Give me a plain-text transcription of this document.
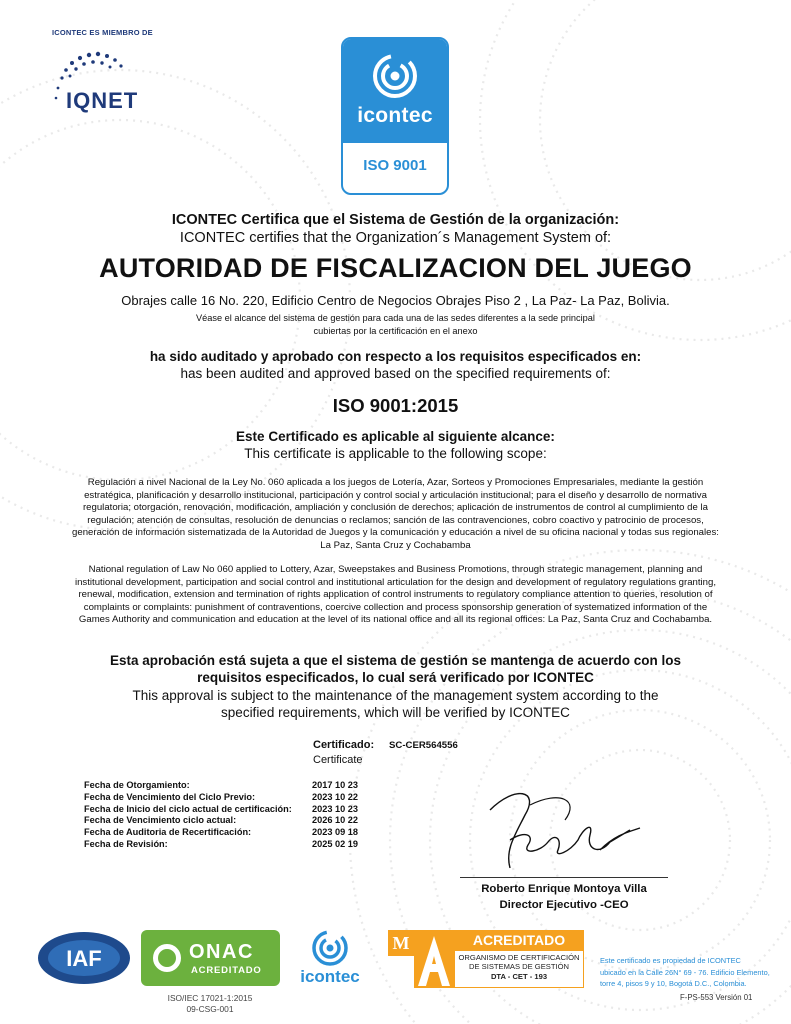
ICONTEC ES MIEMBRO DE
IQNET
icontec
ISO 9001
ICONTEC Certifica que el Sistema de Gestión de la organización:
ICONTEC certifies that the Organization´s Management System of:
AUTORIDAD DE FISCALIZACION DEL JUEGO
Obrajes calle 16 No. 220, Edificio Centro de Negocios Obrajes Piso 2 , La Paz- La Paz, Bolivia.
Véase el alcance del sistema de gestión para cada una de las sedes diferentes a la sede principal
cubiertas por la certificación en el anexo
ha sido auditado y aprobado con respecto a los requisitos especificados en:
has been audited and approved based on the specified requirements of:
ISO 9001:2015
Este Certificado es aplicable al siguiente alcance:
This certificate is applicable to the following scope:
Regulación a nivel Nacional de la Ley No. 060 aplicada a los juegos de Lotería, Azar, Sorteos y Promociones Empresariales, mediante la gestión estratégica, planificación y desarrollo institucional, participación y control social y articulación institucional; para el diseño y desarrollo de normativa regulatoria; otorgación, renovación, modificación, ampliación y conclusión de derechos; aplicación de instrumentos de control al cumplimiento de la regulación; atención de consultas, resolución de denuncias o reclamos; sanción de las contravenciones, cobro coactivo y patrocinio de procesos, generación de información sistematizada de la Autoridad de Juegos y la comunicación y educación a nivel de su oficina nacional y todas sus regionales: La Paz, Santa Cruz y Cochabamba
National regulation of Law No 060 applied to Lottery, Azar, Sweepstakes and Business Promotions, through strategic management, planning and institutional development, participation and social control and institutional articulation for the design and development of regulatory regulations granting, renewal, modification, extension and termination of rights application of control instruments to regulatory compliance attention to queries, resolution of complaints or complaints: punishment of contraventions, coercive collection and process sponsorship generation of systematized information of the Games Authority and communication and education at the level of its national office and all its regional offices: La Paz, Santa Cruz and Cochabamba.
Esta aprobación está sujeta a que el sistema de gestión se mantenga de acuerdo con los
requisitos especificados, lo cual será verificado por ICONTEC
This approval is subject to the maintenance of the management system according to the
specified requirements, which will be verified by ICONTEC
Certificado: SC-CER564556
Certificate
Fecha de Otorgamiento:	2017 10 23
Fecha de Vencimiento del Ciclo Previo:	2023 10 22
Fecha de Inicio del ciclo actual de certificación: 2023 10 23
Fecha de Vencimiento ciclo actual:	2026 10 22
Fecha de Auditoria de Recertificación:	2023 09 18
Fecha de Revisión:	2025 02 19
Roberto Enrique Montoya Villa
Director Ejecutivo -CEO
IAF	ONAC
ACREDITADO
ISO/IEC 17021-1:2015
09-CSG-001
icontec
M	ACREDITADO
ORGANISMO DE CERTIFICACIÓN
DE SISTEMAS DE GESTIÓN
DTA - CET - 193
Este certificado es propiedad de ICONTEC
ubicado en la Calle 26N° 69 - 76. Edificio Elemento,
torre 4, pisos 9 y 10, Bogotá D.C., Colombia.
F-PS-553 Versión 01
